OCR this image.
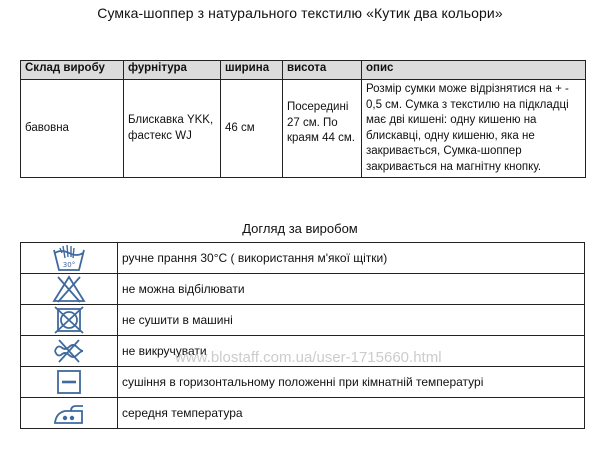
Сумка-шоппер з натурального текстилю «Кутик два кольори»
Склад виробу	фурнітура	ширина	висота	опис
бавовна	Блискавка YKK, фастекс WJ	46 см	Посередині 27 см. По краям 44 см.	Розмір сумки може відрізнятися на + - 0,5 см. Сумка з текстилю на підкладці має дві кишені: одну кишеню на блискавці, одну кишеню, яка не закривається, Сумка-шоппер закривається на магнітну кнопку.
Догляд за виробом
30°	ручне прання 30°С ( використання м'якої щітки)

	не можна відбілювати

	не сушити в машині

	не викручувати

	сушіння в горизонтальному положенні при кімнатній температурі

	середня температура
www.blostaff.com.ua/user-1715660.html
